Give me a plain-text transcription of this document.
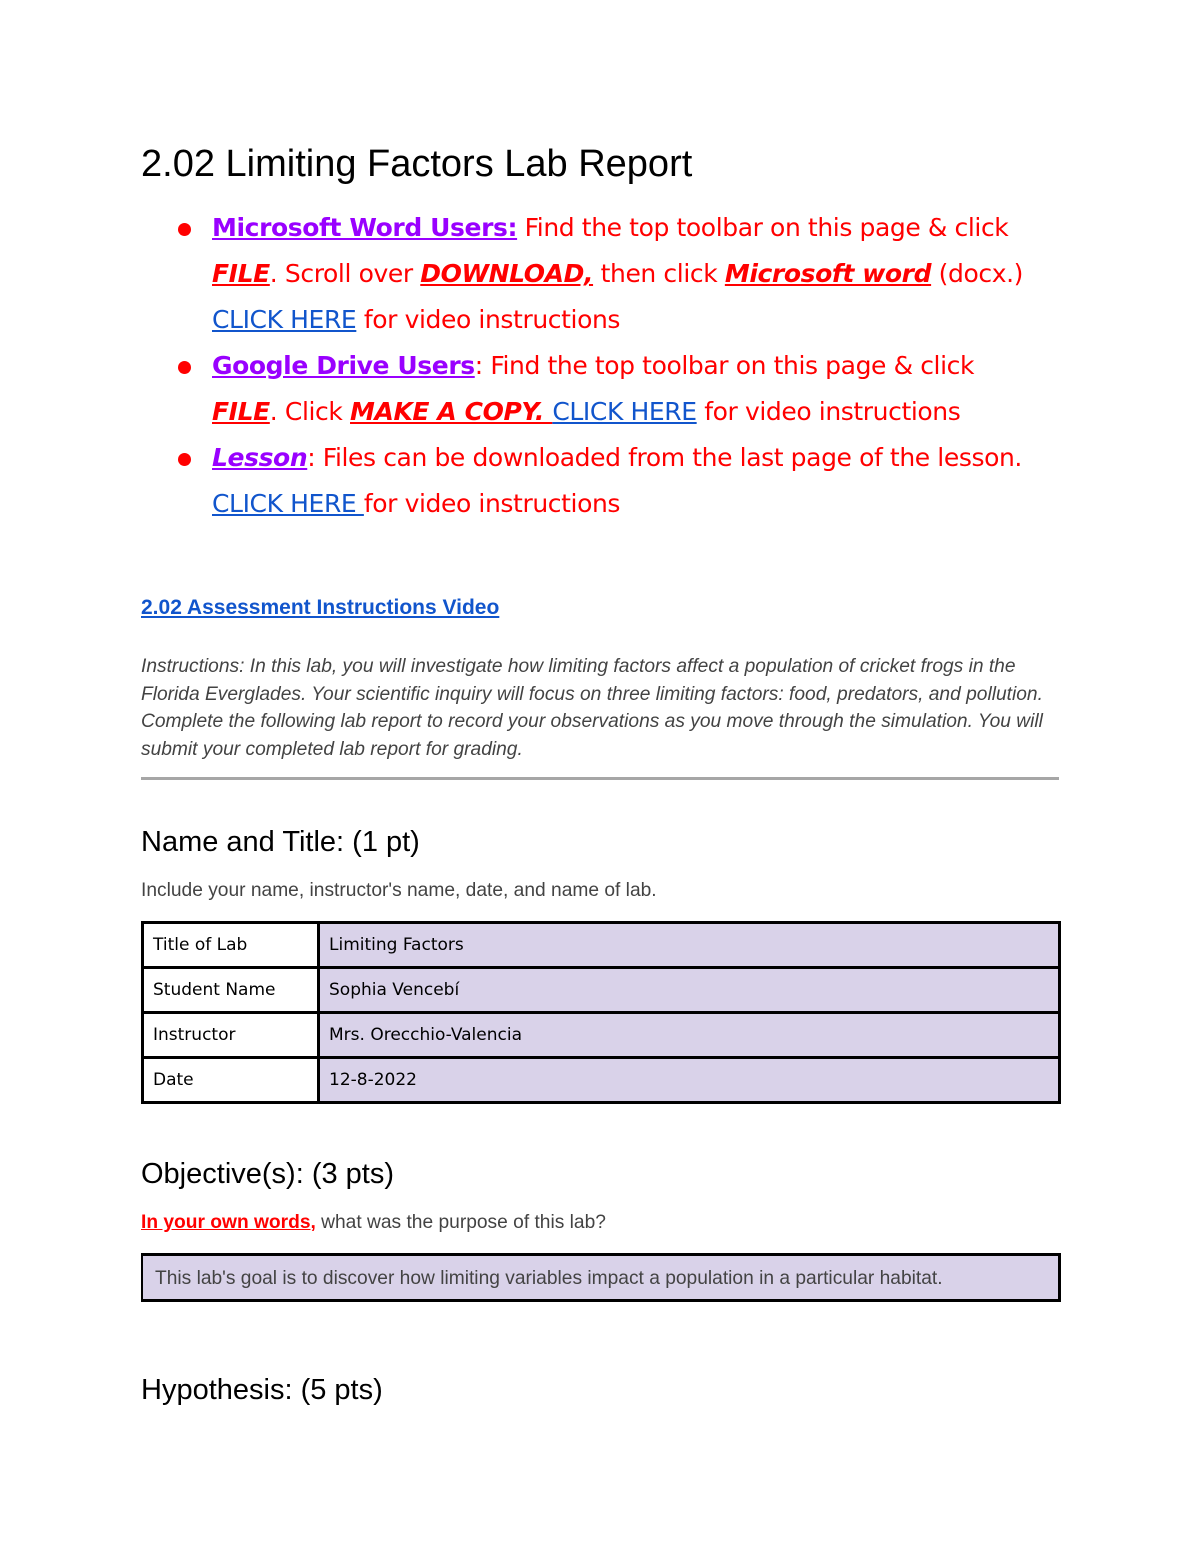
2.02 Limiting Factors Lab Report
Microsoft Word Users: Find the top toolbar on this page & click FILE. Scroll over DOWNLOAD, then click Microsoft word (docx.)
CLICK HERE for video instructions
Google Drive Users: Find the top toolbar on this page & click
FILE. Click MAKE A COPY. CLICK HERE for video instructions
Lesson: Files can be downloaded from the last page of the lesson. CLICK HERE for video instructions
2.02 Assessment Instructions Video

Instructions: In this lab, you will investigate how limiting factors affect a population of cricket frogs in the Florida Everglades. Your scientific inquiry will focus on three limiting factors: food, predators, and pollution. Complete the following lab report to record your observations as you move through the simulation. You will submit your completed lab report for grading.

Name and Title: (1 pt)

Include your name, instructor's name, date, and name of lab.

Title of Lab	Limiting Factors
Student Name	Sophia Vencebí
Instructor	Mrs. Orecchio-Valencia
Date	12-8-2022
Objective(s): (3 pts)

In your own words, what was the purpose of this lab?

This lab's goal is to discover how limiting variables impact a population in a particular habitat.
Hypothesis: (5 pts)
